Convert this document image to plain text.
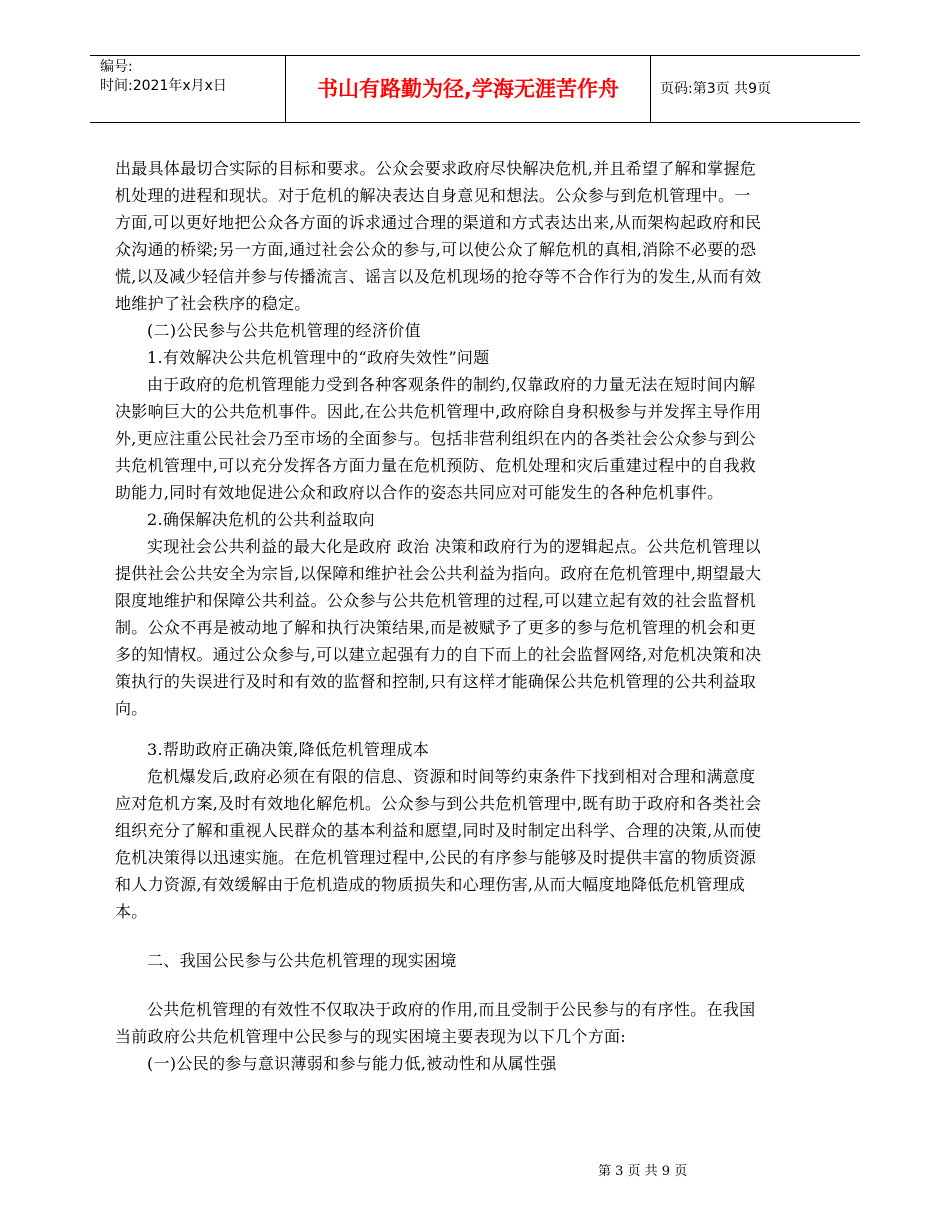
编号:
时间:2021年x月x日	书山有路勤为径,学海无涯苦作舟	页码:第3页 共9页

出最具体最切合实际的目标和要求。公众会要求政府尽快解决危机,并且希望了解和掌握危机处理的进程和现状。对于危机的解决表达自身意见和想法。公众参与到危机管理中。一方面,可以更好地把公众各方面的诉求通过合理的渠道和方式表达出来,从而架构起政府和民众沟通的桥梁;另一方面,通过社会公众的参与,可以使公众了解危机的真相,消除不必要的恐慌,以及减少轻信并参与传播流言、谣言以及危机现场的抢夺等不合作行为的发生,从而有效地维护了社会秩序的稳定。

(二)公民参与公共危机管理的经济价值

1.有效解决公共危机管理中的“政府失效性”问题

由于政府的危机管理能力受到各种客观条件的制约,仅靠政府的力量无法在短时间内解决影响巨大的公共危机事件。因此,在公共危机管理中,政府除自身积极参与并发挥主导作用外,更应注重公民社会乃至市场的全面参与。包括非营利组织在内的各类社会公众参与到公共危机管理中,可以充分发挥各方面力量在危机预防、危机处理和灾后重建过程中的自我救助能力,同时有效地促进公众和政府以合作的姿态共同应对可能发生的各种危机事件。

2.确保解决危机的公共利益取向

实现社会公共利益的最大化是政府 政治 决策和政府行为的逻辑起点。公共危机管理以提供社会公共安全为宗旨,以保障和维护社会公共利益为指向。政府在危机管理中,期望最大限度地维护和保障公共利益。公众参与公共危机管理的过程,可以建立起有效的社会监督机制。公众不再是被动地了解和执行决策结果,而是被赋予了更多的参与危机管理的机会和更多的知情权。通过公众参与,可以建立起强有力的自下而上的社会监督网络,对危机决策和决策执行的失误进行及时和有效的监督和控制,只有这样才能确保公共危机管理的公共利益取向。

3.帮助政府正确决策,降低危机管理成本

危机爆发后,政府必须在有限的信息、资源和时间等约束条件下找到相对合理和满意度应对危机方案,及时有效地化解危机。公众参与到公共危机管理中,既有助于政府和各类社会组织充分了解和重视人民群众的基本利益和愿望,同时及时制定出科学、合理的决策,从而使危机决策得以迅速实施。在危机管理过程中,公民的有序参与能够及时提供丰富的物质资源和人力资源,有效缓解由于危机造成的物质损失和心理伤害,从而大幅度地降低危机管理成本。

二、我国公民参与公共危机管理的现实困境

公共危机管理的有效性不仅取决于政府的作用,而且受制于公民参与的有序性。在我国当前政府公共危机管理中公民参与的现实困境主要表现为以下几个方面:

(一)公民的参与意识薄弱和参与能力低,被动性和从属性强

第 3 页 共 9 页
